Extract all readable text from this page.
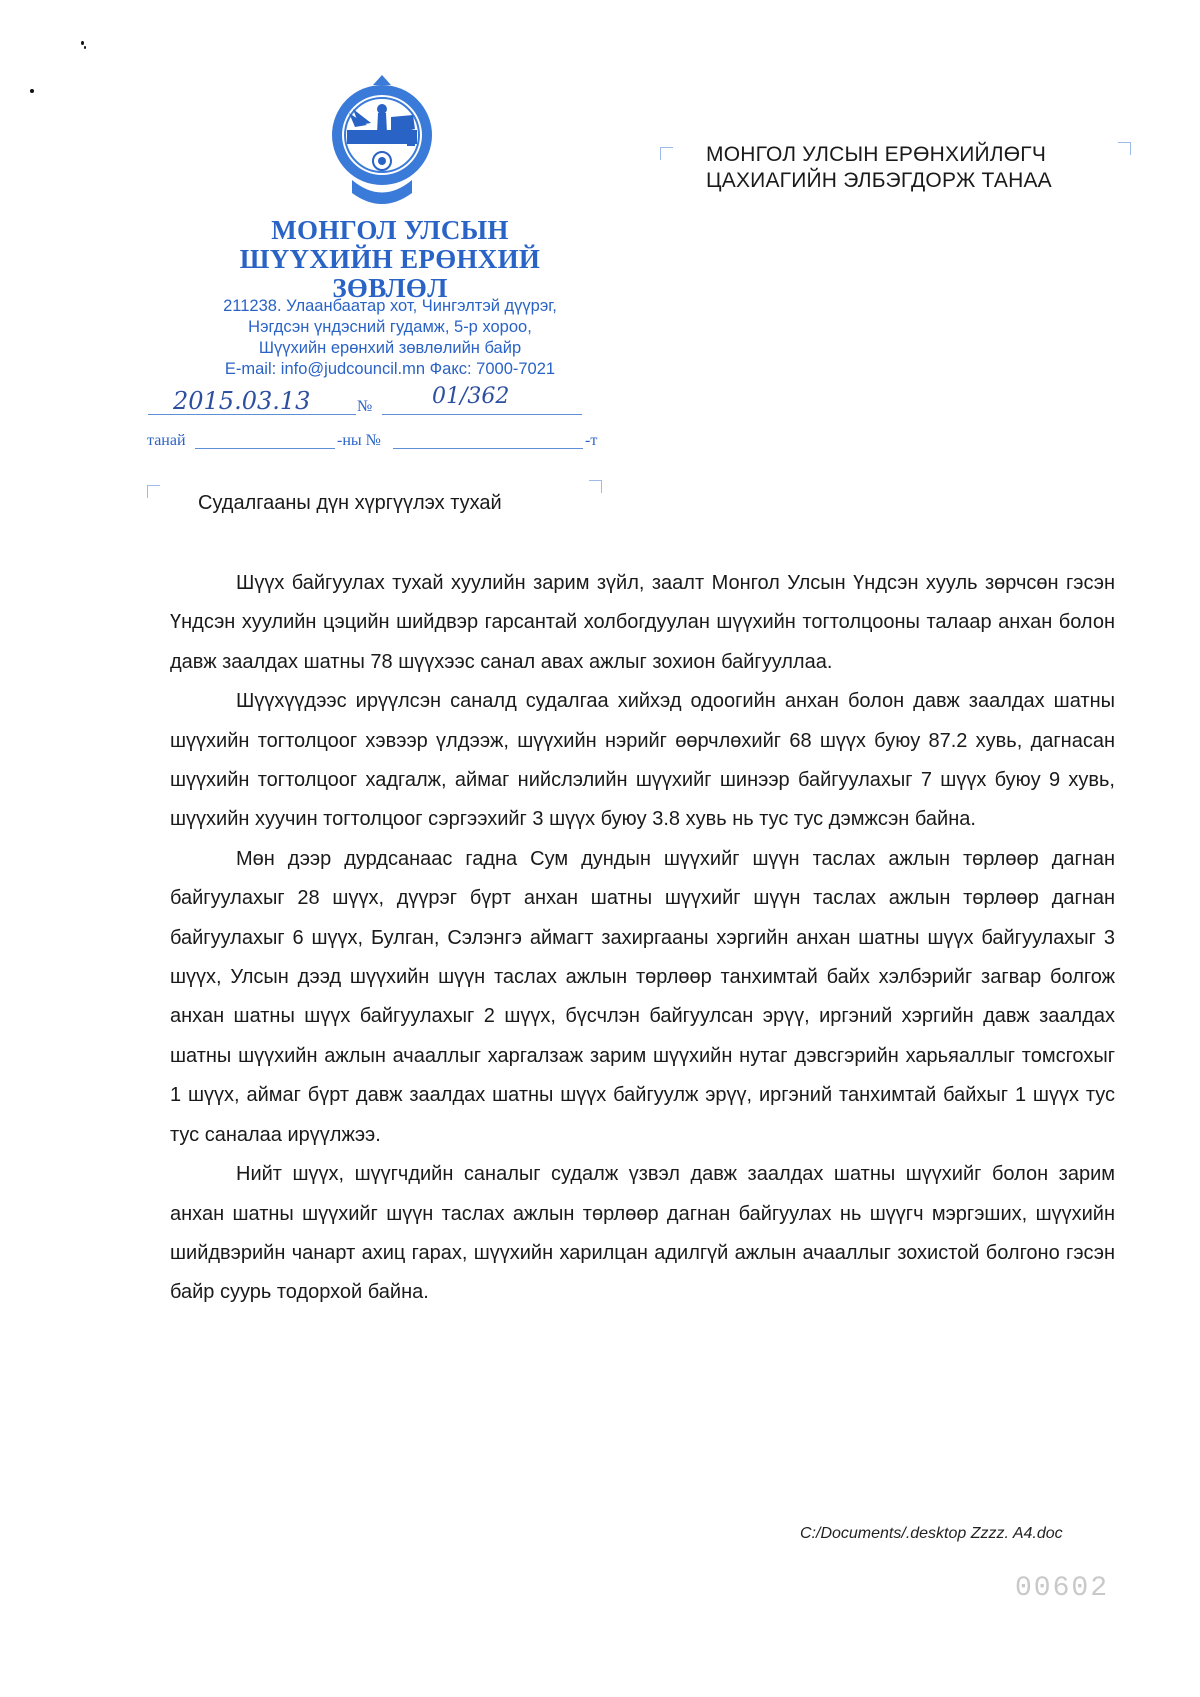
МОНГОЛ УЛСЫН
ШҮҮХИЙН ЕРӨНХИЙ ЗӨВЛӨЛ
211238. Улаанбаатар хот, Чингэлтэй дүүрэг,
Нэгдсэн үндэсний гудамж, 5-р хороо,
Шүүхийн ерөнхий зөвлөлийн байр
E-mail: info@judcouncil.mn Факс: 7000-7021
2015.03.13	№	01/362
танай	-ны №	-т
МОНГОЛ УЛСЫН ЕРӨНХИЙЛӨГЧ
ЦАХИАГИЙН ЭЛБЭГДОРЖ ТАНАА
Судалгааны дүн хүргүүлэх тухай

Шүүх байгуулах тухай хуулийн зарим зүйл, заалт Монгол Улсын Үндсэн хууль зөрчсөн гэсэн Үндсэн хуулийн цэцийн шийдвэр гарсантай холбогдуулан шүүхийн тогтолцооны талаар анхан болон давж заалдах шатны 78 шүүхээс санал авах ажлыг зохион байгууллаа.

Шүүхүүдээс ирүүлсэн саналд судалгаа хийхэд одоогийн анхан болон давж заалдах шатны шүүхийн тогтолцоог хэвээр үлдээж, шүүхийн нэрийг өөрчлөхийг 68 шүүх буюу 87.2 хувь, дагнасан шүүхийн тогтолцоог хадгалж, аймаг нийслэлийн шүүхийг шинээр байгуулахыг 7 шүүх буюу 9 хувь, шүүхийн хуучин тогтолцоог сэргээхийг 3 шүүх буюу 3.8 хувь нь тус тус дэмжсэн байна.

Мөн дээр дурдсанаас гадна Сум дундын шүүхийг шүүн таслах ажлын төрлөөр дагнан байгуулахыг 28 шүүх, дүүрэг бүрт анхан шатны шүүхийг шүүн таслах ажлын төрлөөр дагнан байгуулахыг 6 шүүх, Булган, Сэлэнгэ аймагт захиргааны хэргийн анхан шатны шүүх байгуулахыг 3 шүүх, Улсын дээд шүүхийн шүүн таслах ажлын төрлөөр танхимтай байх хэлбэрийг загвар болгож анхан шатны шүүх байгуулахыг 2 шүүх, бүсчлэн байгуулсан эрүү, иргэний хэргийн давж заалдах шатны шүүхийн ажлын ачааллыг харгалзаж зарим шүүхийн нутаг дэвсгэрийн харьяаллыг томсгохыг 1 шүүх, аймаг бүрт давж заалдах шатны шүүх байгуулж эрүү, иргэний танхимтай байхыг 1 шүүх тус тус саналаа ирүүлжээ.

Нийт шүүх, шүүгчдийн саналыг судалж үзвэл давж заалдах шатны шүүхийг болон зарим анхан шатны шүүхийг шүүн таслах ажлын төрлөөр дагнан байгуулах нь шүүгч мэргэших, шүүхийн шийдвэрийн чанарт ахиц гарах, шүүхийн харилцан адилгүй ажлын ачааллыг зохистой болгоно гэсэн байр суурь тодорхой байна.

C:/Documents/.desktop Zzzz. A4.doc
00602
